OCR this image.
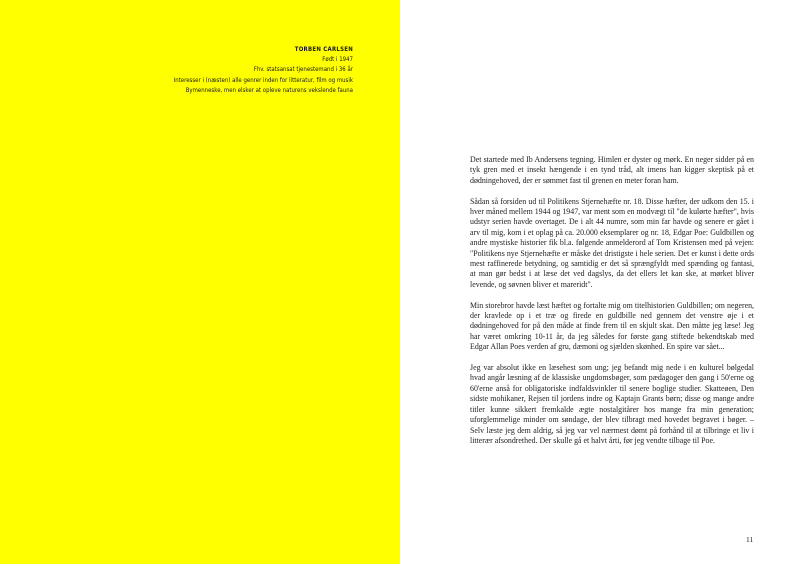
TORBEN CARLSEN
Født i 1947
Fhv. statsansat tjenestemand i 36 år
Interesser i (næsten) alle genrer inden for litteratur, film og musik
Bymenneske, men elsker at opleve naturens vekslende fauna

Det startede med Ib Andersens tegning. Himlen er dyster og mørk. En neger sidder på en tyk gren med et insekt hængende i en tynd tråd, alt imens han kigger skeptisk på et dødningehoved, der er sømmet fast til grenen en meter foran ham.

Sådan så forsiden ud til Politikens Stjernehæfte nr. 18. Disse hæfter, der udkom den 15. i hver måned mellem 1944 og 1947, var ment som en modvægt til "de kulørte hæfter", hvis udstyr serien havde overtaget. De i alt 44 numre, som min far havde og senere er gået i arv til mig, kom i et oplag på ca. 20.000 eksemplarer og nr. 18, Edgar Poe: Guldbillen og andre mystiske historier fik bl.a. følgende anmelderord af Tom Kristensen med på vejen: "Politikens nye Stjernehæfte er måske det dristigste i hele serien. Det er kunst i dette ords mest raffinerede betydning, og samtidig er det så sprængfyldt med spænding og fantasi, at man gør bedst i at læse det ved dagslys, da det ellers let kan ske, at mørket bliver levende, og søvnen bliver et mareridt".

Min storebror havde læst hæftet og fortalte mig om titelhistorien Guldbillen; om negeren, der kravlede op i et træ og firede en guldbille ned gennem det venstre øje i et dødningehoved for på den måde at finde frem til en skjult skat. Den måtte jeg læse! Jeg har været omkring 10-11 år, da jeg således for første gang stiftede bekendtskab med Edgar Allan Poes verden af gru, dæmoni og sjælden skønhed. En spire var sået...

Jeg var absolut ikke en læsehest som ung; jeg befandt mig nede i en kulturel bølgedal hvad angår læsning af de klassiske ungdomsbøger, som pædagoger den gang i 50'erne og 60'erne anså for obligatoriske indfaldsvinkler til senere boglige studier. Skatteøen, Den sidste mohikaner, Rejsen til jordens indre og Kaptajn Grants børn; disse og mange andre titler kunne sikkert fremkalde ægte nostalgitårer hos mange fra min generation; uforglemmelige minder om søndage, der blev tilbragt med hovedet begravet i bøger. – Selv læste jeg dem aldrig, så jeg var vel nærmest dømt på forhånd til at tilbringe et liv i litterær afsondrethed. Der skulle gå et halvt årti, før jeg vendte tilbage til Poe.

11
